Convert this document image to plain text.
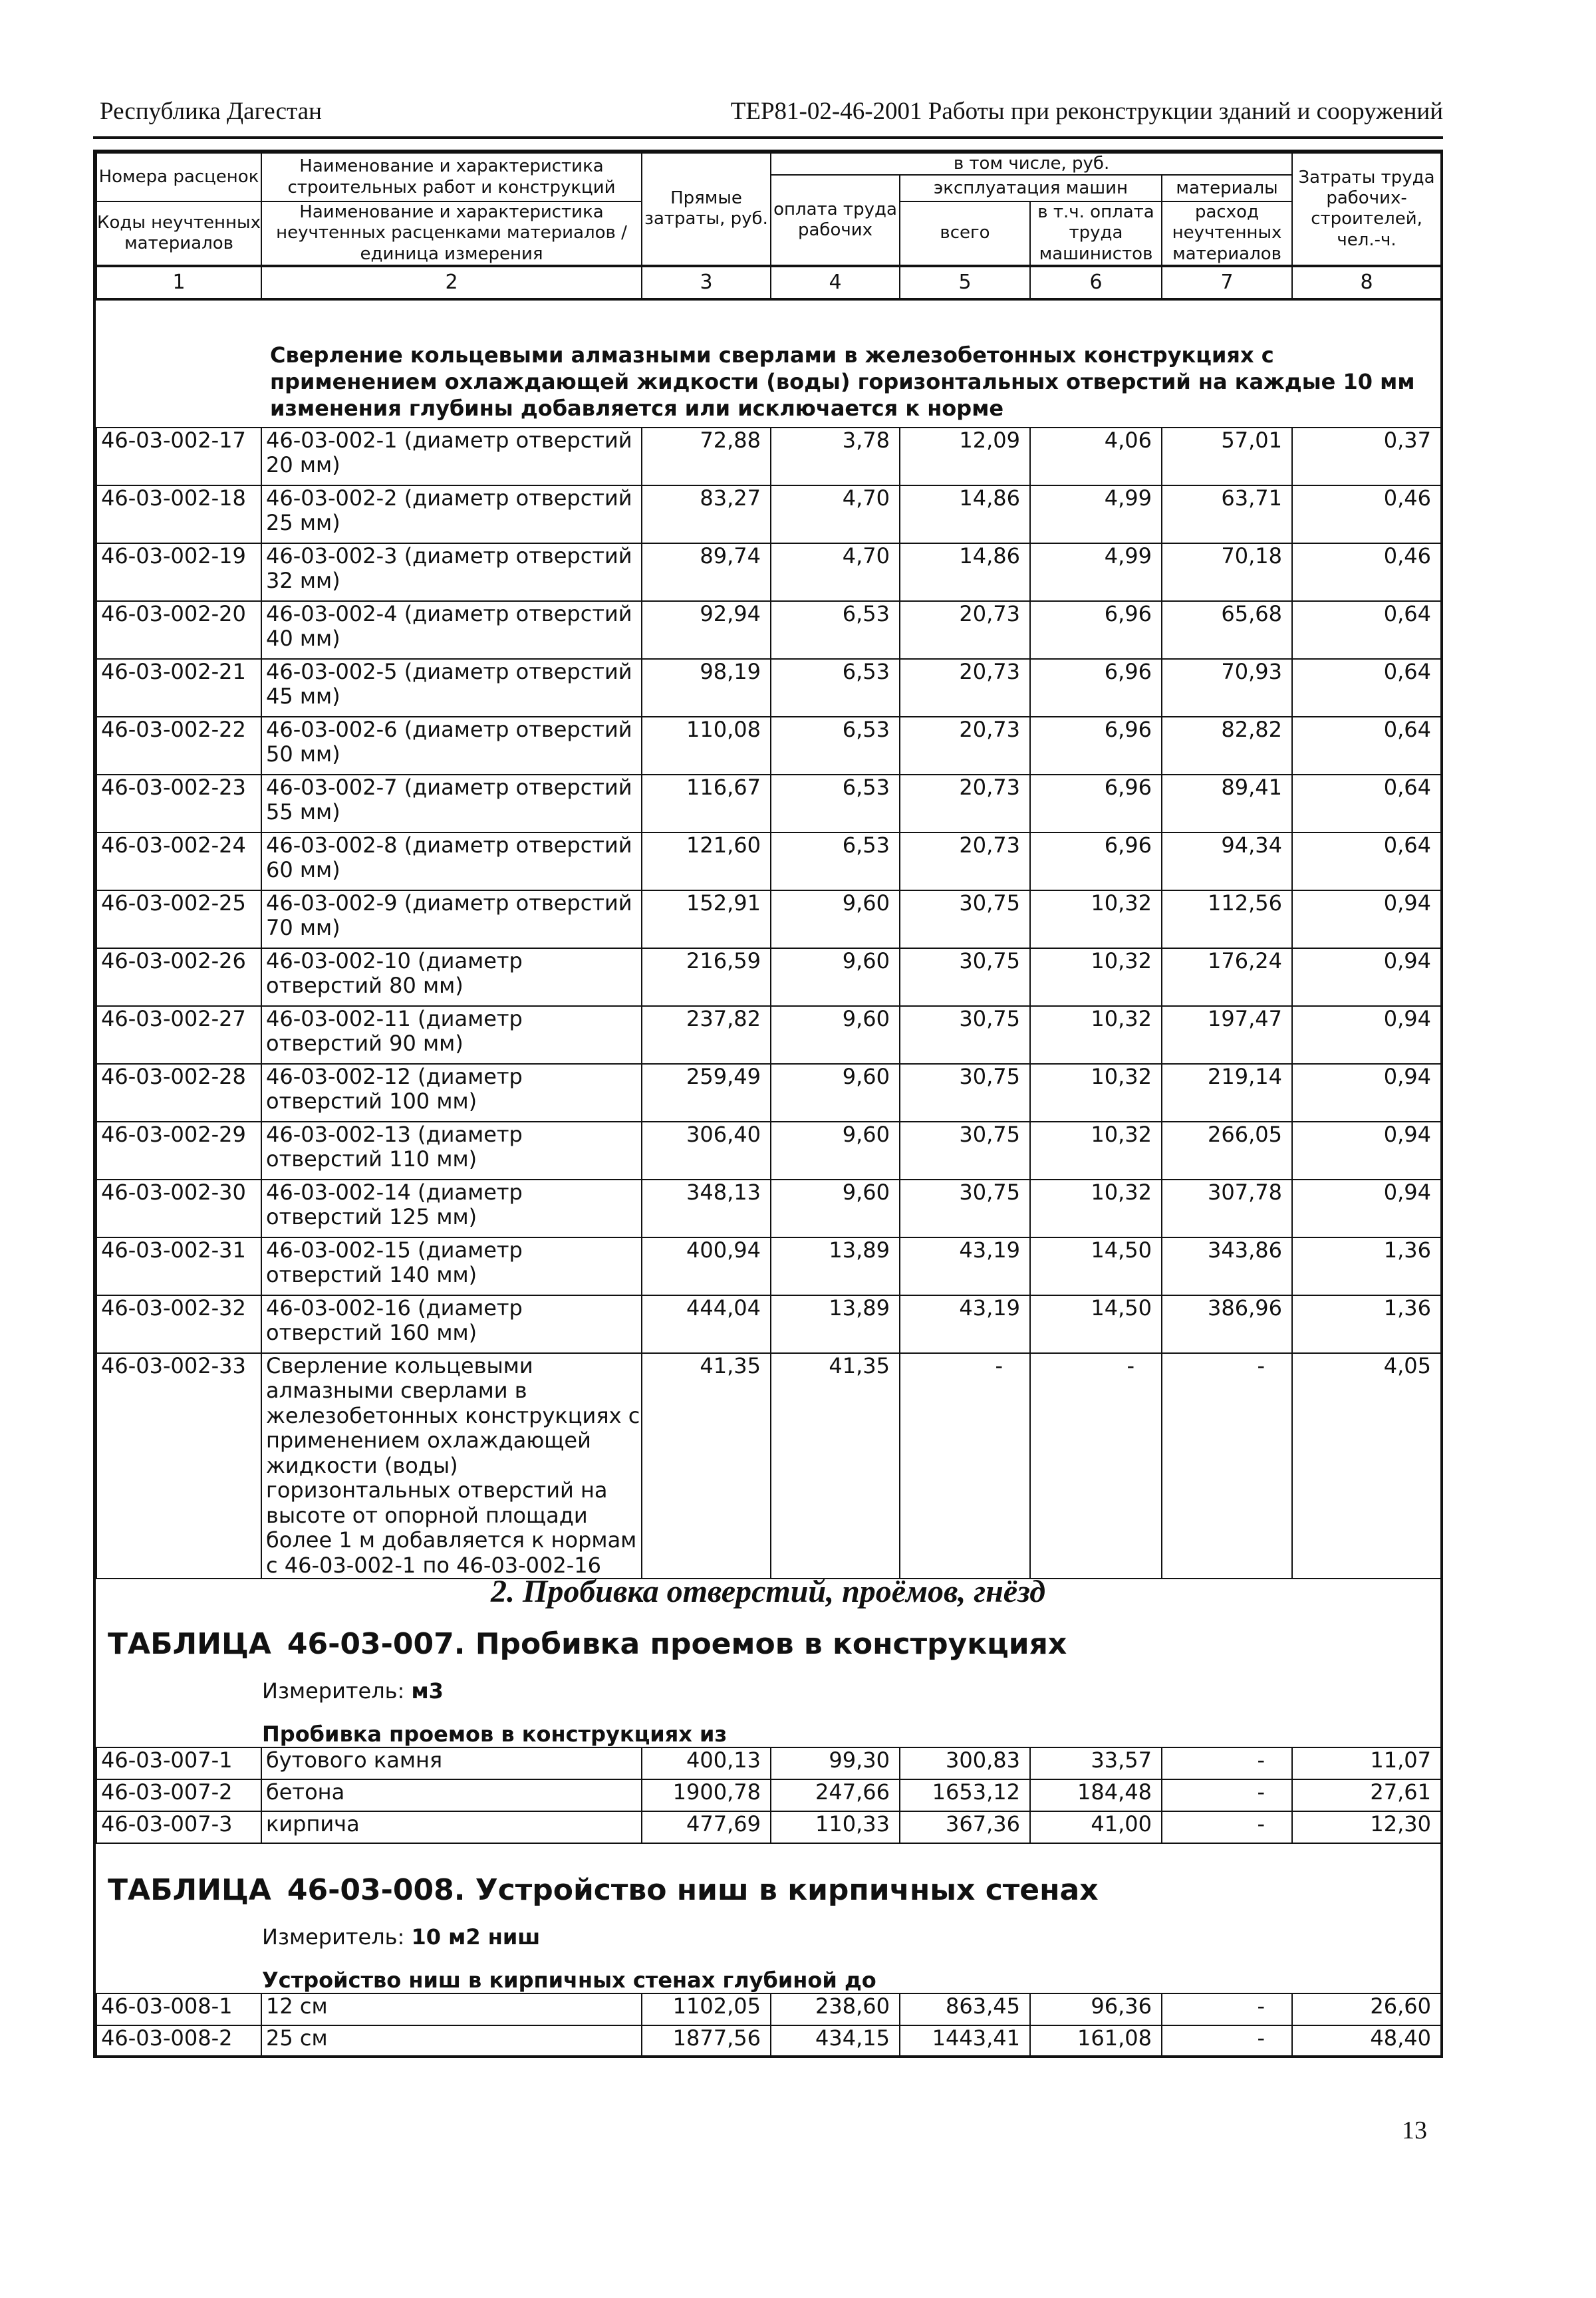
Республика Дагестан	ТЕР81-02-46-2001 Работы при реконструкции зданий и сооружений
Номера расценок	Наименование и характеристика строительных работ и конструкций	Прямые затраты, руб.	в том числе, руб.				Затраты труда рабочих-строителей, чел.-ч.
			оплата труда рабочих	эксплуатация машин		материалы	
Коды неучтенных материалов	Наименование и характеристика неучтенных расценками материалов / единица измерения			всего	в т.ч. оплата труда машинистов	расход неучтенных материалов	

1	2	3	4	5	6	7	8
Сверление кольцевыми алмазными сверлами в железобетонных конструкциях с применением охлаждающей жидкости (воды) горизонтальных отверстий на каждые 10 мм изменения глубины добавляется или исключается к норме
46-03-002-17	46-03-002-1 (диаметр отверстий 20 мм)	72,88	3,78	12,09	4,06	57,01	0,37
46-03-002-18	46-03-002-2 (диаметр отверстий 25 мм)	83,27	4,70	14,86	4,99	63,71	0,46
46-03-002-19	46-03-002-3 (диаметр отверстий 32 мм)	89,74	4,70	14,86	4,99	70,18	0,46
46-03-002-20	46-03-002-4 (диаметр отверстий 40 мм)	92,94	6,53	20,73	6,96	65,68	0,64
46-03-002-21	46-03-002-5 (диаметр отверстий 45 мм)	98,19	6,53	20,73	6,96	70,93	0,64
46-03-002-22	46-03-002-6 (диаметр отверстий 50 мм)	110,08	6,53	20,73	6,96	82,82	0,64
46-03-002-23	46-03-002-7 (диаметр отверстий 55 мм)	116,67	6,53	20,73	6,96	89,41	0,64
46-03-002-24	46-03-002-8 (диаметр отверстий 60 мм)	121,60	6,53	20,73	6,96	94,34	0,64
46-03-002-25	46-03-002-9 (диаметр отверстий 70 мм)	152,91	9,60	30,75	10,32	112,56	0,94
46-03-002-26	46-03-002-10 (диаметр отверстий 80 мм)	216,59	9,60	30,75	10,32	176,24	0,94
46-03-002-27	46-03-002-11 (диаметр отверстий 90 мм)	237,82	9,60	30,75	10,32	197,47	0,94
46-03-002-28	46-03-002-12 (диаметр отверстий 100 мм)	259,49	9,60	30,75	10,32	219,14	0,94
46-03-002-29	46-03-002-13 (диаметр отверстий 110 мм)	306,40	9,60	30,75	10,32	266,05	0,94
46-03-002-30	46-03-002-14 (диаметр отверстий 125 мм)	348,13	9,60	30,75	10,32	307,78	0,94
46-03-002-31	46-03-002-15 (диаметр отверстий 140 мм)	400,94	13,89	43,19	14,50	343,86	1,36
46-03-002-32	46-03-002-16 (диаметр отверстий 160 мм)	444,04	13,89	43,19	14,50	386,96	1,36
46-03-002-33	Сверление кольцевыми алмазными сверлами в железобетонных конструкциях с применением охлаждающей жидкости (воды) горизонтальных отверстий на высоте от опорной площади более 1 м добавляется к нормам с 46-03-002-1 по 46-03-002-16	41,35	41,35	-	-	-	4,05
2. Пробивка отверстий, проёмов, гнёзд
ТАБЛИЦА 46-03-007. Пробивка проемов в конструкциях
Измеритель: м3
Пробивка проемов в конструкциях из
46-03-007-1	бутового камня	400,13	99,30	300,83	33,57	-	11,07
46-03-007-2	бетона	1900,78	247,66	1653,12	184,48	-	27,61
46-03-007-3	кирпича	477,69	110,33	367,36	41,00	-	12,30
ТАБЛИЦА 46-03-008. Устройство ниш в кирпичных стенах
Измеритель: 10 м2 ниш
Устройство ниш в кирпичных стенах глубиной до
46-03-008-1	12 см	1102,05	238,60	863,45	96,36	-	26,60
46-03-008-2	25 см	1877,56	434,15	1443,41	161,08	-	48,40
13
